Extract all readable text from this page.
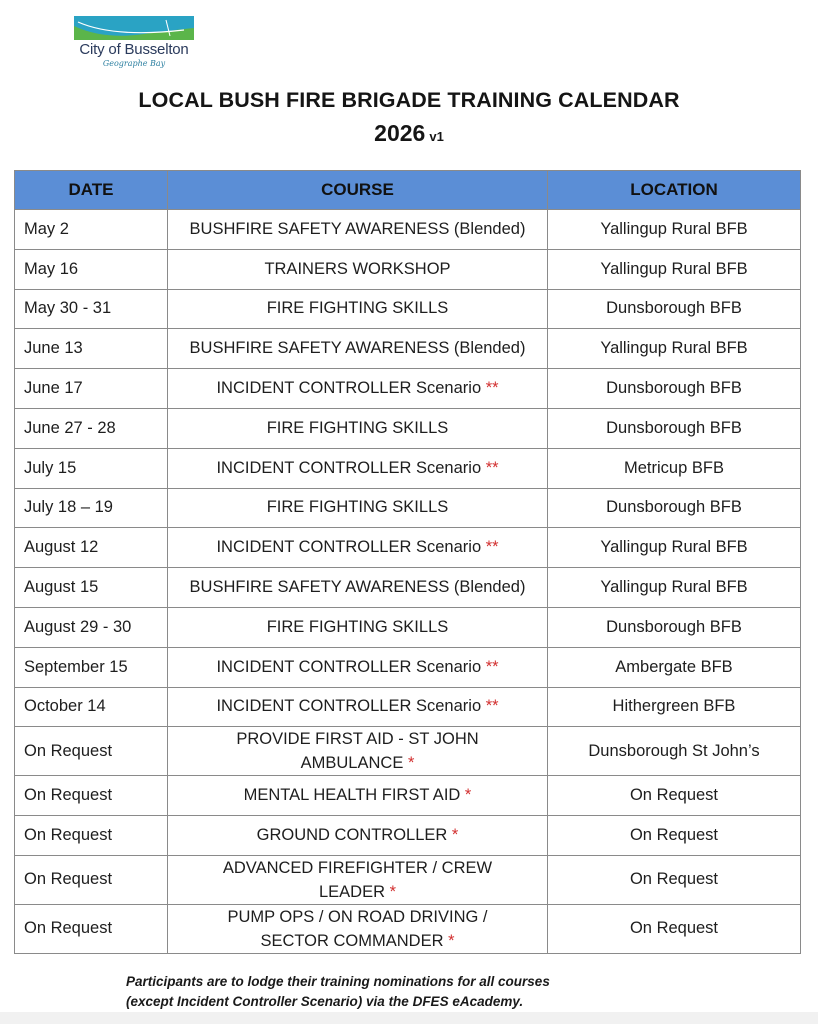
City of Busselton
Geographe Bay
LOCAL BUSH FIRE BRIGADE TRAINING CALENDAR
2026 v1
DATE	COURSE	LOCATION
May 2	BUSHFIRE SAFETY AWARENESS (Blended)	Yallingup Rural BFB
May 16	TRAINERS WORKSHOP	Yallingup Rural BFB
May 30 - 31	FIRE FIGHTING SKILLS	Dunsborough BFB
June 13	BUSHFIRE SAFETY AWARENESS (Blended)	Yallingup Rural BFB
June 17	INCIDENT CONTROLLER Scenario **	Dunsborough BFB
June 27 - 28	FIRE FIGHTING SKILLS	Dunsborough BFB
July 15	INCIDENT CONTROLLER Scenario **	Metricup BFB
July 18 – 19	FIRE FIGHTING SKILLS	Dunsborough BFB
August 12	INCIDENT CONTROLLER Scenario **	Yallingup Rural BFB
August 15	BUSHFIRE SAFETY AWARENESS (Blended)	Yallingup Rural BFB
August 29 - 30	FIRE FIGHTING SKILLS	Dunsborough BFB
September 15	INCIDENT CONTROLLER Scenario **	Ambergate BFB
October 14	INCIDENT CONTROLLER Scenario **	Hithergreen BFB
On Request	PROVIDE FIRST AID - ST JOHN AMBULANCE *	Dunsborough St John’s
On Request	MENTAL HEALTH FIRST AID *	On Request
On Request	GROUND CONTROLLER *	On Request
On Request	ADVANCED FIREFIGHTER / CREW LEADER *	On Request
On Request	PUMP OPS / ON ROAD DRIVING / SECTOR COMMANDER *	On Request
Participants are to lodge their training nominations for all courses
(except Incident Controller Scenario) via the DFES eAcademy.
